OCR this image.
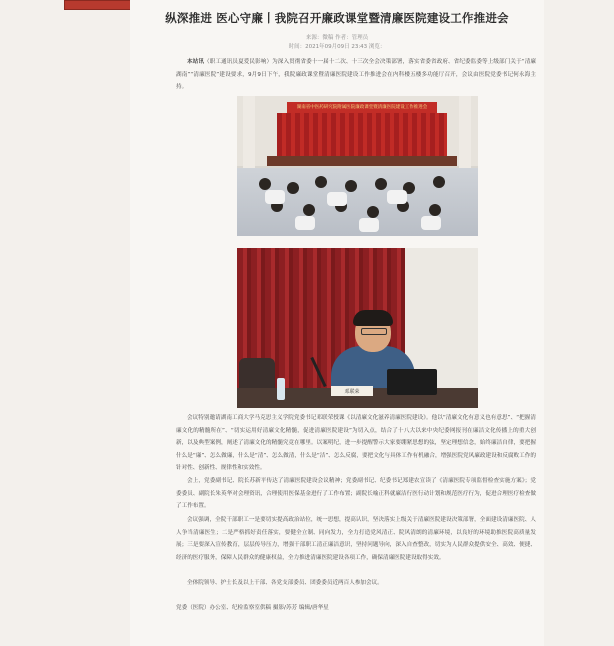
纵深推进 医心守廉丨我院召开廉政课堂暨清廉医院建设工作推进会
来源：微稿 作者：管理员
时间：2021年09月09日 23:43 浏览：
本站讯（职工通讯员夏爱民影响）为深入贯彻省委十一届十二次、十三次全会决策部署，落实省委省政府、省纪委监委等上级部门关于“清廉湖南”“清廉医院”建设要求，9月9日下午，我院廉政课堂暨清廉医院建设工作推进会在内科楼五楼多功能厅召开，会议由医院党委书记何永海主持。
湖南省中医药研究院附属医院廉政课堂暨清廉医院建设工作推进会
邓联荣
会议特别邀请湖南工商大学马克思主义学院党委书记邓联荣授课《以清廉文化滋养清廉医院建设》。他以“清廉文化有意义也有意思”、“把握清廉文化的精髓所在”、“切实运用好清廉文化精髓，促进清廉医院建设”为切入点，结合了十八大以来中央纪委网报刊在廉洁文化传播上的重大创新，以及典型案例，阐述了清廉文化的精髓究竟在哪里。以案明纪，进一步提醒警示大家要绷紧思想的弦，坚定理想信念，始终廉洁自律，要把握什么是“廉”、怎么做廉，什么是“清”、怎么做清，什么是“洁”、怎么反腐，要把文化与具体工作有机融合，增强医院党风廉政建设和反腐败工作的针对性、创新性、规律性和实效性。
会上，党委副书记、院长苏新平传达了清廉医院建设会议精神；党委副书记、纪委书记郑建农宣读了《清廉医院专项监督检查实施方案》；党委委员、副院长朱英华对会理资讯，合理使用医保基金进行了工作布置；副院长喻正科就廉洁行医行动计划和规范医疗行为，促进合理医疗检查做了工作布置。
会议强调，全院干部职工一是要切实提高政治站位，统一思想，提高认识，坚决落实上级关于清廉医院建设决策部署，全面建设清廉医院、人人争当清廉医生；二是严格抓好责任落实，要健全立制、同向发力，全力打造党风清正、院风清朗的清廉环境，以良好的环境助推医院高质量发展；三是要深入宣传教育，层层传导压力，增强干部职工清正廉洁意识，坚持问题导向，深入自查整改，切实为人民群众提供安全、高效、便捷、经济的医疗服务，保障人民群众的健康权益，全力推进清廉医院建设各项工作，确保清廉医院建设取得实效。
全体院领导、护士长及以上干部、各党支部委员、团委委员近两百人参加会议。
党委（医院）办公室、纪检监察室供稿 摄影/苏芳 编辑/唐华星
